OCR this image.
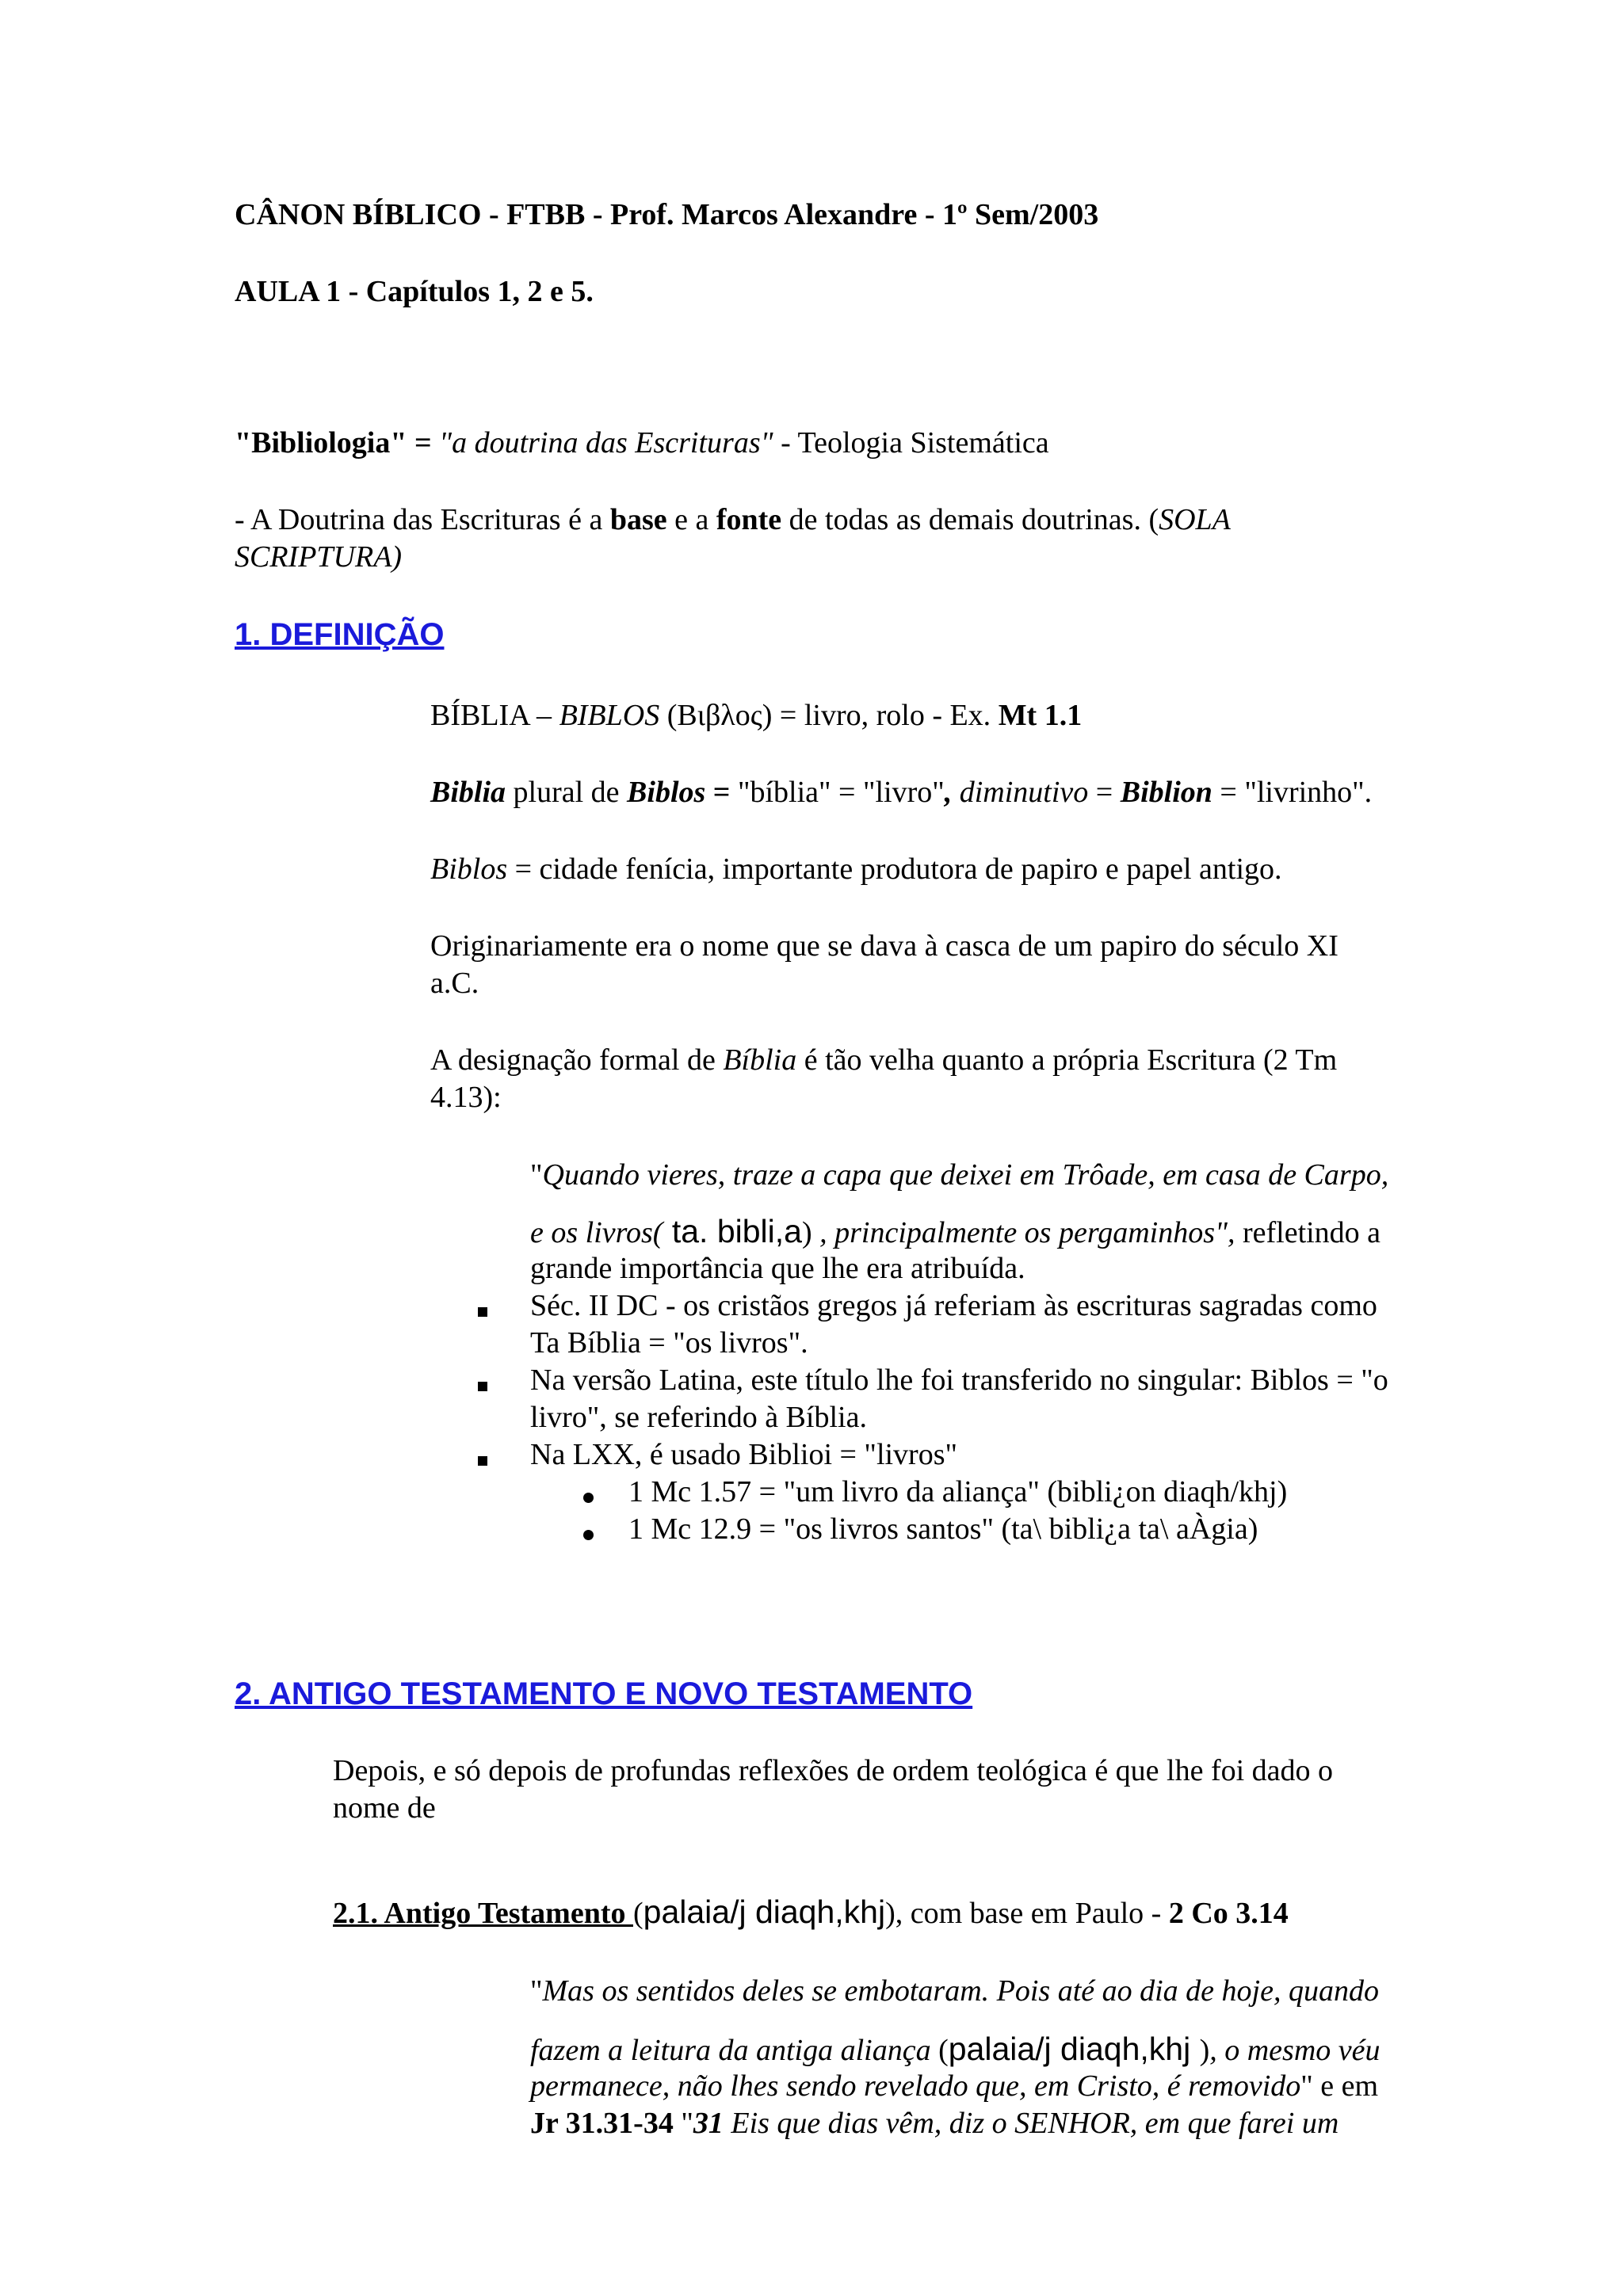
CÂNON BÍBLICO - FTBB - Prof. Marcos Alexandre - 1º Sem/2003

AULA 1 - Capítulos 1, 2 e 5.

"Bibliologia" = "a doutrina das Escrituras" - Teologia Sistemática

- A Doutrina das Escrituras é a base e a fonte de todas as demais doutrinas. (SOLA

SCRIPTURA)

1. DEFINIÇÃO

BÍBLIA – BIBLOS (Βιβλος) = livro, rolo - Ex. Mt 1.1

Biblia plural de Biblos = "bíblia" = "livro", diminutivo = Biblion = "livrinho".

Biblos = cidade fenícia, importante produtora de papiro e papel antigo.

Originariamente era o nome que se dava à casca de um papiro do século XI

a.C.

A designação formal de Bíblia é tão velha quanto a própria Escritura (2 Tm

4.13):

"Quando vieres, traze a capa que deixei em Trôade, em casa de Carpo,

e os livros( ta. bibli,a) , principalmente os pergaminhos", refletindo a

grande importância que lhe era atribuída.

Séc. II DC - os cristãos gregos já referiam às escrituras sagradas como

Ta Bíblia = "os livros".

Na versão Latina, este título lhe foi transferido no singular: Biblos = "o

livro", se referindo à Bíblia.

Na LXX, é usado Biblioi = "livros"

1 Mc 1.57 = "um livro da aliança" (bibli¿on diaqh/khj)

1 Mc 12.9 = "os livros santos" (ta\ bibli¿a ta\ aÀgia)

2. ANTIGO TESTAMENTO E NOVO TESTAMENTO

Depois, e só depois de profundas reflexões de ordem teológica é que lhe foi dado o

nome de

2.1. Antigo Testamento (palaia/j diaqh,khj), com base em Paulo - 2 Co 3.14

"Mas os sentidos deles se embotaram. Pois até ao dia de hoje, quando

fazem a leitura da antiga aliança (palaia/j diaqh,khj ), o mesmo véu

permanece, não lhes sendo revelado que, em Cristo, é removido" e em

Jr 31.31-34 "31 Eis que dias vêm, diz o SENHOR, em que farei um
